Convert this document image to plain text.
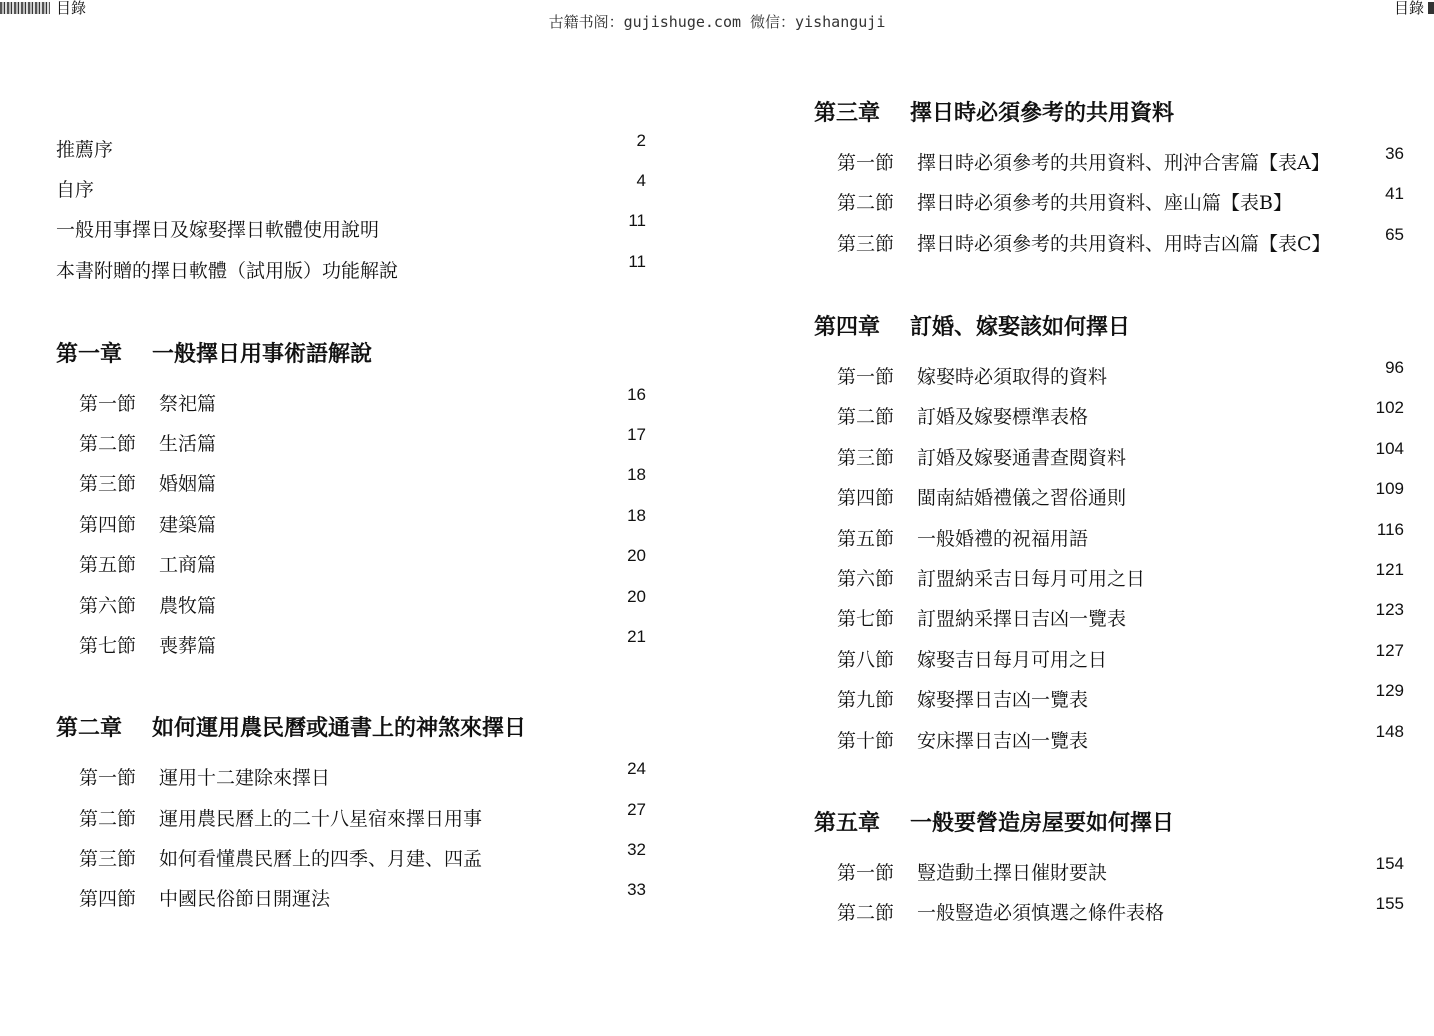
目錄	目錄
古籍书阁：gujishuge.com 微信：yishanguji
推薦序	2
自序	4
一般用事擇日及嫁娶擇日軟體使用說明	11
本書附贈的擇日軟體（試用版）功能解說	11
第一章 一般擇日用事術語解說
第一節 祭祀篇	16
第二節 生活篇	17
第三節 婚姻篇	18
第四節 建築篇	18
第五節 工商篇	20
第六節 農牧篇	20
第七節 喪葬篇	21
第二章 如何運用農民曆或通書上的神煞來擇日
第一節 運用十二建除來擇日	24
第二節 運用農民曆上的二十八星宿來擇日用事	27
第三節 如何看懂農民曆上的四季、月建、四孟	32
第四節 中國民俗節日開運法	33
第三章 擇日時必須參考的共用資料
第一節 擇日時必須參考的共用資料、刑沖合害篇【表A】	36
第二節 擇日時必須參考的共用資料、座山篇【表B】	41
第三節 擇日時必須參考的共用資料、用時吉凶篇【表C】	65
第四章 訂婚、嫁娶該如何擇日
第一節 嫁娶時必須取得的資料	96
第二節 訂婚及嫁娶標準表格	102
第三節 訂婚及嫁娶通書查閱資料	104
第四節 閩南結婚禮儀之習俗通則	109
第五節 一般婚禮的祝福用語	116
第六節 訂盟納采吉日每月可用之日	121
第七節 訂盟納采擇日吉凶一覽表	123
第八節 嫁娶吉日每月可用之日	127
第九節 嫁娶擇日吉凶一覽表	129
第十節 安床擇日吉凶一覽表	148
第五章 一般要營造房屋要如何擇日
第一節 豎造動土擇日催財要訣	154
第二節 一般豎造必須慎選之條件表格	155
